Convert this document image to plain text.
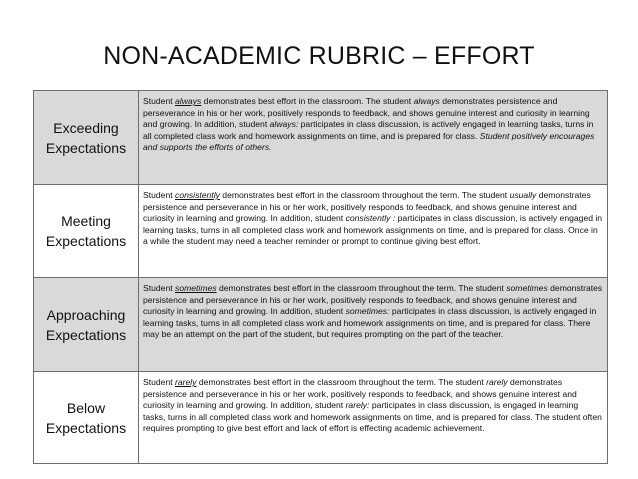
NON-ACADEMIC RUBRIC – EFFORT
Exceeding
Expectations
Student always demonstrates best effort in the classroom. The student always demonstrates persistence and perseverance in his or her work, positively responds to feedback, and shows genuine interest and curiosity in learning and growing. In addition, student always: participates in class discussion, is actively engaged in learning tasks, turns in all completed class work and homework assignments on time, and is prepared for class. Student positively encourages and supports the efforts of others.
Meeting
Expectations
Student consistently demonstrates best effort in the classroom throughout the term. The student usually demonstrates persistence and perseverance in his or her work, positively responds to feedback, and shows genuine interest and curiosity in learning and growing. In addition, student consistently : participates in class discussion, is actively engaged in learning tasks, turns in all completed class work and homework assignments on time, and is prepared for class. Once in a while the student may need a teacher reminder or prompt to continue giving best effort.
Approaching
Expectations
Student sometimes demonstrates best effort in the classroom throughout the term. The student sometimes demonstrates persistence and perseverance in his or her work, positively responds to feedback, and shows genuine interest and curiosity in learning and growing. In addition, student sometimes: participates in class discussion, is actively engaged in learning tasks, turns in all completed class work and homework assignments on time, and is prepared for class. There may be an attempt on the part of the student, but requires prompting on the part of the teacher.
Below
Expectations
Student rarely demonstrates best effort in the classroom throughout the term. The student rarely demonstrates persistence and perseverance in his or her work, positively responds to feedback, and shows genuine interest and curiosity in learning and growing. In addition, student rarely: participates in class discussion, is engaged in learning tasks, turns in all completed class work and homework assignments on time, and is prepared for class. The student often requires prompting to give best effort and lack of effort is effecting academic achievement.
